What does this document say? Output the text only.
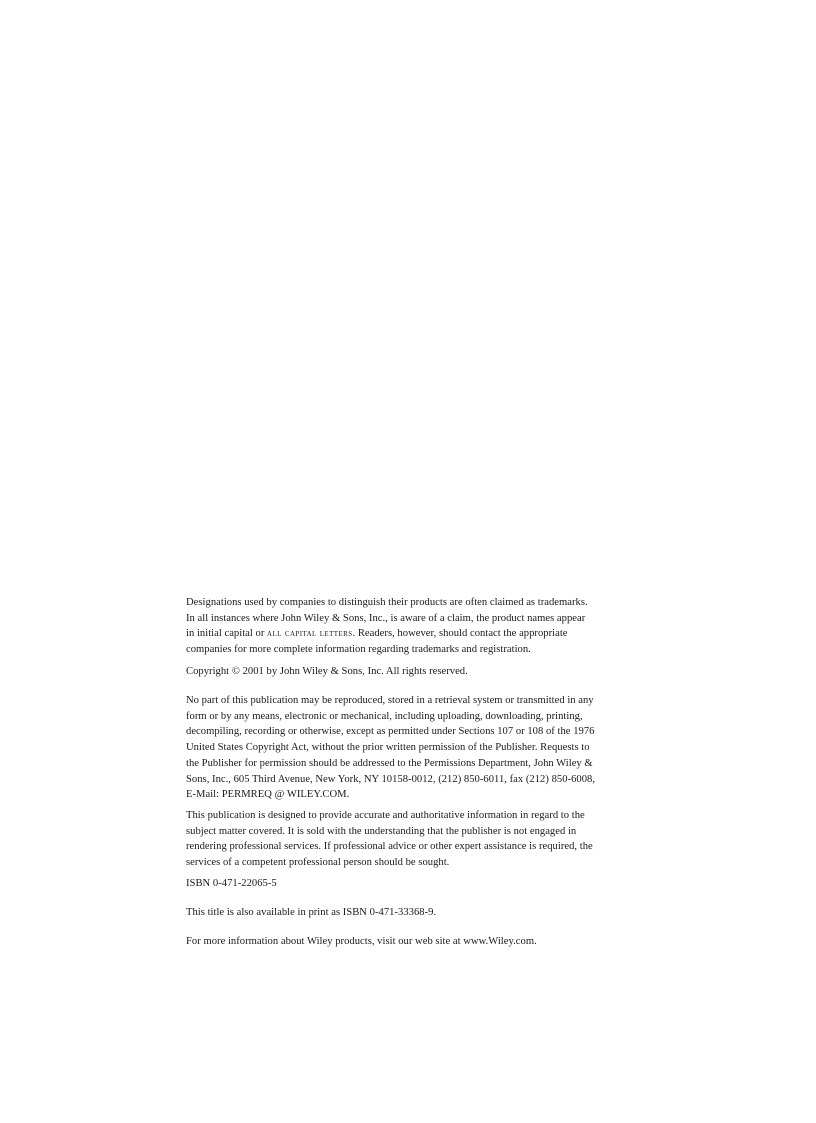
Designations used by companies to distinguish their products are often claimed as trademarks.
In all instances where John Wiley & Sons, Inc., is aware of a claim, the product names appear
in initial capital or all capital letters. Readers, however, should contact the appropriate
companies for more complete information regarding trademarks and registration.
Copyright © 2001 by John Wiley & Sons, Inc. All rights reserved.
No part of this publication may be reproduced, stored in a retrieval system or transmitted in any
form or by any means, electronic or mechanical, including uploading, downloading, printing,
decompiling, recording or otherwise, except as permitted under Sections 107 or 108 of the 1976
United States Copyright Act, without the prior written permission of the Publisher. Requests to
the Publisher for permission should be addressed to the Permissions Department, John Wiley &
Sons, Inc., 605 Third Avenue, New York, NY 10158-0012, (212) 850-6011, fax (212) 850-6008,
E-Mail: PERMREQ @ WILEY.COM.
This publication is designed to provide accurate and authoritative information in regard to the
subject matter covered. It is sold with the understanding that the publisher is not engaged in
rendering professional services. If professional advice or other expert assistance is required, the
services of a competent professional person should be sought.
ISBN 0-471-22065-5
This title is also available in print as ISBN 0-471-33368-9.
For more information about Wiley products, visit our web site at www.Wiley.com.
